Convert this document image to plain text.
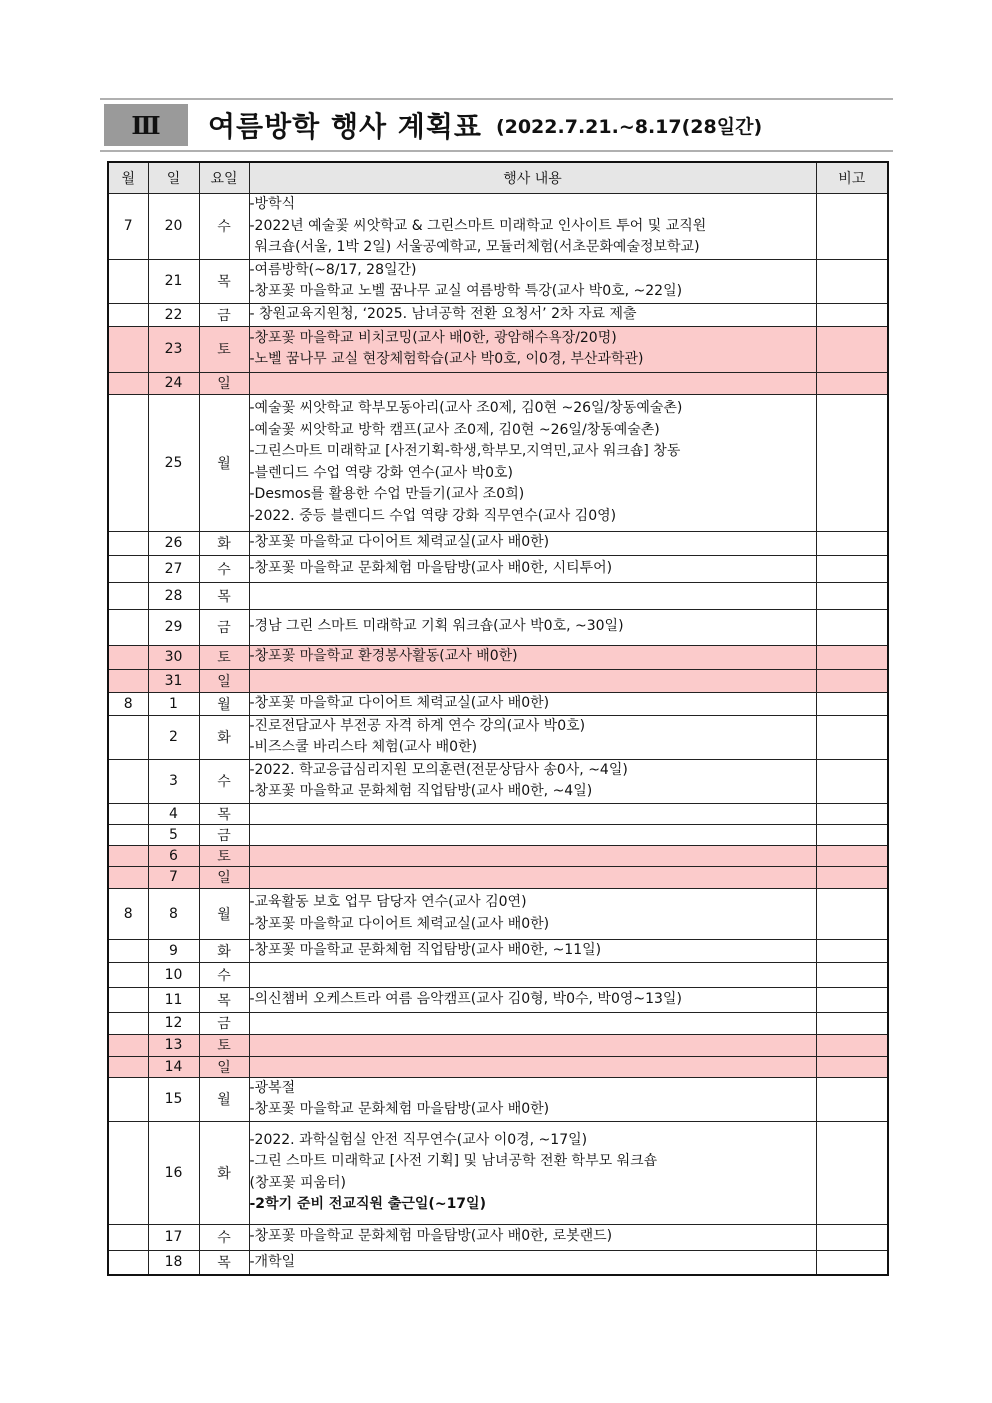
Ⅲ	여름방학 행사 계획표 (2022.7.21.~8.17(28일간)
월	일	요일	행사 내용	비고
7	20	수	-방학식
-2022년 예술꽃 씨앗학교 & 그린스마트 미래학교 인사이트 투어 및 교직원
워크숍(서울, 1박 2일) 서울공예학교, 모듈러체험(서초문화예술정보학교)	

	21	목	-여름방학(~8/17, 28일간)
-창포꽃 마을학교 노벨 꿈나무 교실 여름방학 특강(교사 박0호, ~22일)	

	22	금	- 창원교육지원청, ‘2025. 남녀공학 전환 요청서’ 2차 자료 제출	

	23	토	-창포꽃 마을학교 비치코밍(교사 배0한, 광암해수욕장/20명)
-노벨 꿈나무 교실 현장체험학습(교사 박0호, 이0경, 부산과학관)	

	24	일		
	25	월	
-예술꽃 씨앗학교 학부모동아리(교사 조0제, 김0현 ~26일/창동예술촌)
-예술꽃 씨앗학교 방학 캠프(교사 조0제, 김0현 ~26일/창동예술촌)
-그린스마트 미래학교 [사전기획-학생,학부모,지역민,교사 워크숍] 창동
-블렌디드 수업 역량 강화 연수(교사 박0호)
-Desmos를 활용한 수업 만들기(교사 조0희)
-2022. 중등 블렌디드 수업 역량 강화 직무연수(교사 김0영)

	26	화	-창포꽃 마을학교 다이어트 체력교실(교사 배0한)	

	27	수	-창포꽃 마을학교 문화체험 마을탐방(교사 배0한, 시티투어)	

	28	목		
	29	금	-경남 그린 스마트 미래학교 기획 워크숍(교사 박0호, ~30일)	

	30	토	-창포꽃 마을학교 환경봉사활동(교사 배0한)	

	31	일		
8	1	월	-창포꽃 마을학교 다이어트 체력교실(교사 배0한)	

	2	화	-진로전담교사 부전공 자격 하계 연수 강의(교사 박0호)
-비즈스쿨 바리스타 체험(교사 배0한)	

	3	수	-2022. 학교응급심리지원 모의훈련(전문상담사 송0사, ~4일)
-창포꽃 마을학교 문화체험 직업탐방(교사 배0한, ~4일)	

	4	목		
	5	금		
	6	토		
	7	일		
8	8	월	-교육활동 보호 업무 담당자 연수(교사 김0연)
-창포꽃 마을학교 다이어트 체력교실(교사 배0한)	

	9	화	-창포꽃 마을학교 문화체험 직업탐방(교사 배0한, ~11일)	

	10	수		
	11	목	-의신챔버 오케스트라 여름 음악캠프(교사 김0형, 박0수, 박0영~13일)	

	12	금		
	13	토		
	14	일		
	15	월	-광복절
-창포꽃 마을학교 문화체험 마을탐방(교사 배0한)	

	16	화	-2022. 과학실험실 안전 직무연수(교사 이0경, ~17일)
-그린 스마트 미래학교 [사전 기획] 및 남녀공학 전환 학부모 워크숍
(창포꽃 피움터)
-2학기 준비 전교직원 출근일(~17일)	

	17	수	-창포꽃 마을학교 문화체험 마을탐방(교사 배0한, 로봇랜드)	

	18	목	-개학일	
